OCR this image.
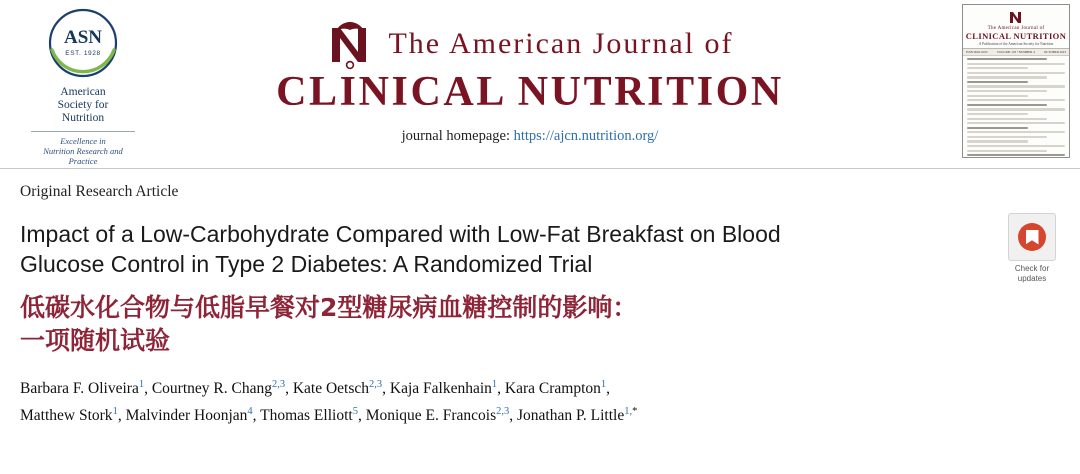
ASN
EST. 1928
American
Society for
Nutrition
Excellence in
Nutrition Research and
Practice
The American Journal of
CLINICAL NUTRITION
journal homepage: https://ajcn.nutrition.org/
The American Journal of
CLINICAL NUTRITION
A Publication of the American Society for Nutrition
ISSN 0002-9165	VOLUME 118 • NUMBER 4	OCTOBER 2023
Original Research Article
Impact of a Low-Carbohydrate Compared with Low-Fat Breakfast on Blood
Glucose Control in Type 2 Diabetes: A Randomized Trial
低碳水化合物与低脂早餐对2型糖尿病血糖控制的影响：
一项随机试验
Barbara F. Oliveira$^1$, Courtney R. Chang$^{2,3}$, Kate Oetsch$^{2,3}$, Kaja Falkenhain$^1$, Kara Crampton$^1$,
Matthew Stork$^1$, Malvinder Hoonjan$^4$, Thomas Elliott$^5$, Monique E. Francois$^{2,3}$, Jonathan P. Little$^{1,*}$
Check for
updates
